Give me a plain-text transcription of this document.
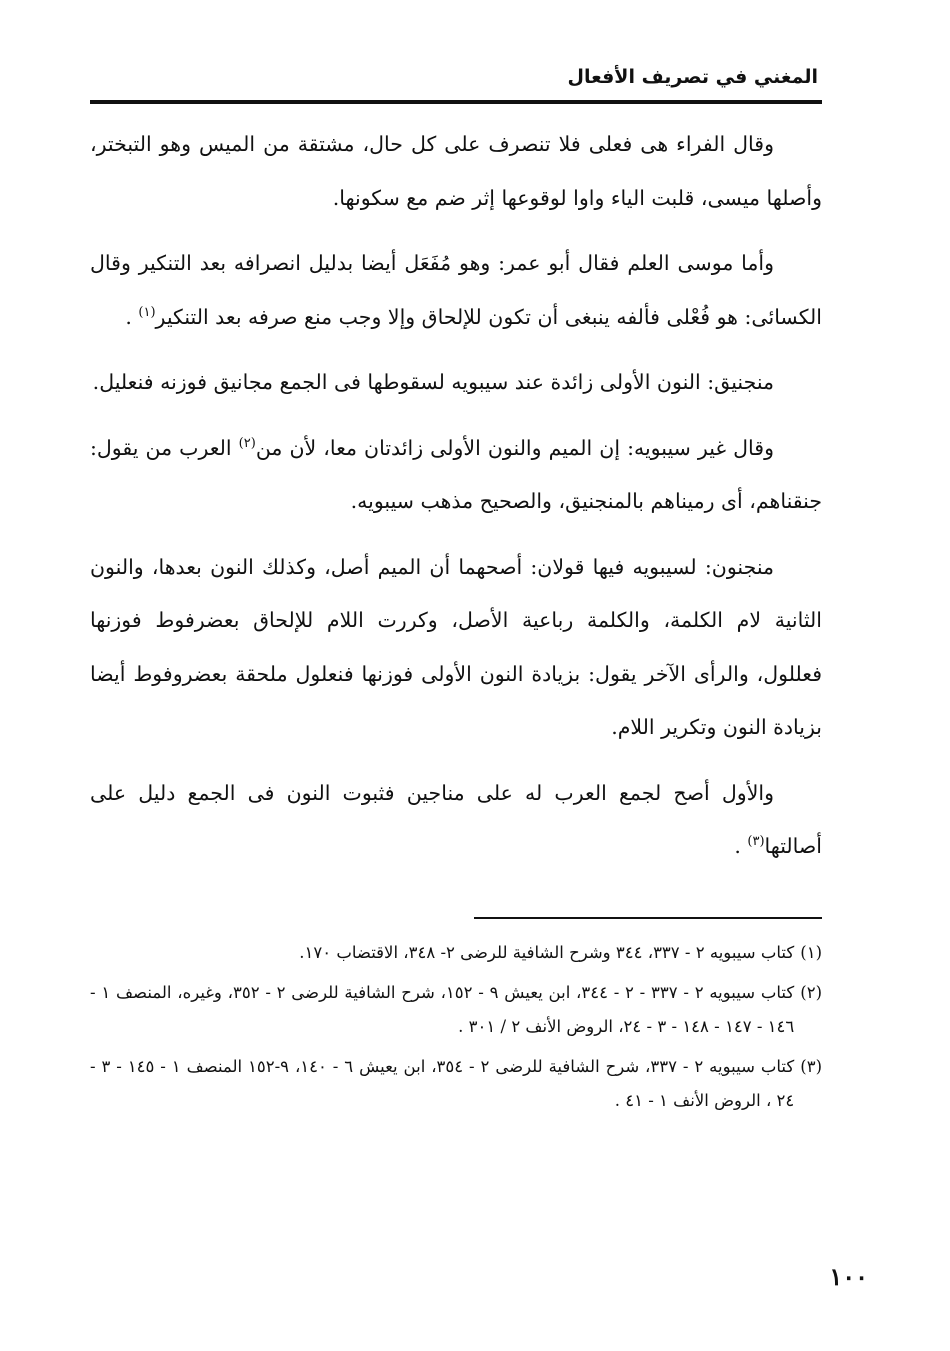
المغني في تصريف الأفعال

وقال الفراء هى فعلى فلا تنصرف على كل حال، مشتقة من الميس وهو التبختر، وأصلها ميسى، قلبت الياء واوا لوقوعها إثر ضم مع سكونها.

وأما موسى العلم فقال أبو عمر: وهو مُفَعَل أيضا بدليل انصرافه بعد التنكير وقال الكسائى: هو فُعْلى فألفه ينبغى أن تكون للإلحاق وإلا وجب منع صرفه بعد التنكير$^{(١)}$ .

منجنيق: النون الأولى زائدة عند سيبويه لسقوطها فى الجمع مجانيق فوزنه فنعليل.

وقال غير سيبويه: إن الميم والنون الأولى زائدتان معا، لأن من$^{(٢)}$ العرب من يقول: جنقناهم، أى رميناهم بالمنجنيق، والصحيح مذهب سيبويه.

منجنون: لسيبويه فيها قولان: أصحهما أن الميم أصل، وكذلك النون بعدها، والنون الثانية لام الكلمة، والكلمة رباعية الأصل، وكررت اللام للإلحاق بعضرفوط فوزنها فعللول، والرأى الآخر يقول: بزيادة النون الأولى فوزنها فنعلول ملحقة بعضروفوط أيضا بزيادة النون وتكرير اللام.

والأول أصح لجمع العرب له على مناجين فثبوت النون فى الجمع دليل على أصالتها$^{(٣)}$ .

(١)
كتاب سيبويه ٢ - ٣٣٧، ٣٤٤ وشرح الشافية للرضى ٢- ٣٤٨، الاقتضاب ١٧٠.
(٢)
كتاب سيبويه ٢ - ٣٣٧ - ٢ - ٣٤٤، ابن يعيش ٩ - ١٥٢، شرح الشافية للرضى ٢ - ٣٥٢، وغيره، المنصف ١ - ١٤٦ - ١٤٧ - ١٤٨ - ٣ - ٢٤، الروض الأنف ٢ / ٣٠١ .
(٣)
كتاب سيبويه ٢ - ٣٣٧، شرح الشافية للرضى ٢ - ٣٥٤، ابن يعيش ٦ - ١٤٠، ٩-١٥٢ المنصف ١ - ١٤٥ - ٣ - ٢٤ ، الروض الأنف ١ - ٤١ .
١٠٠
